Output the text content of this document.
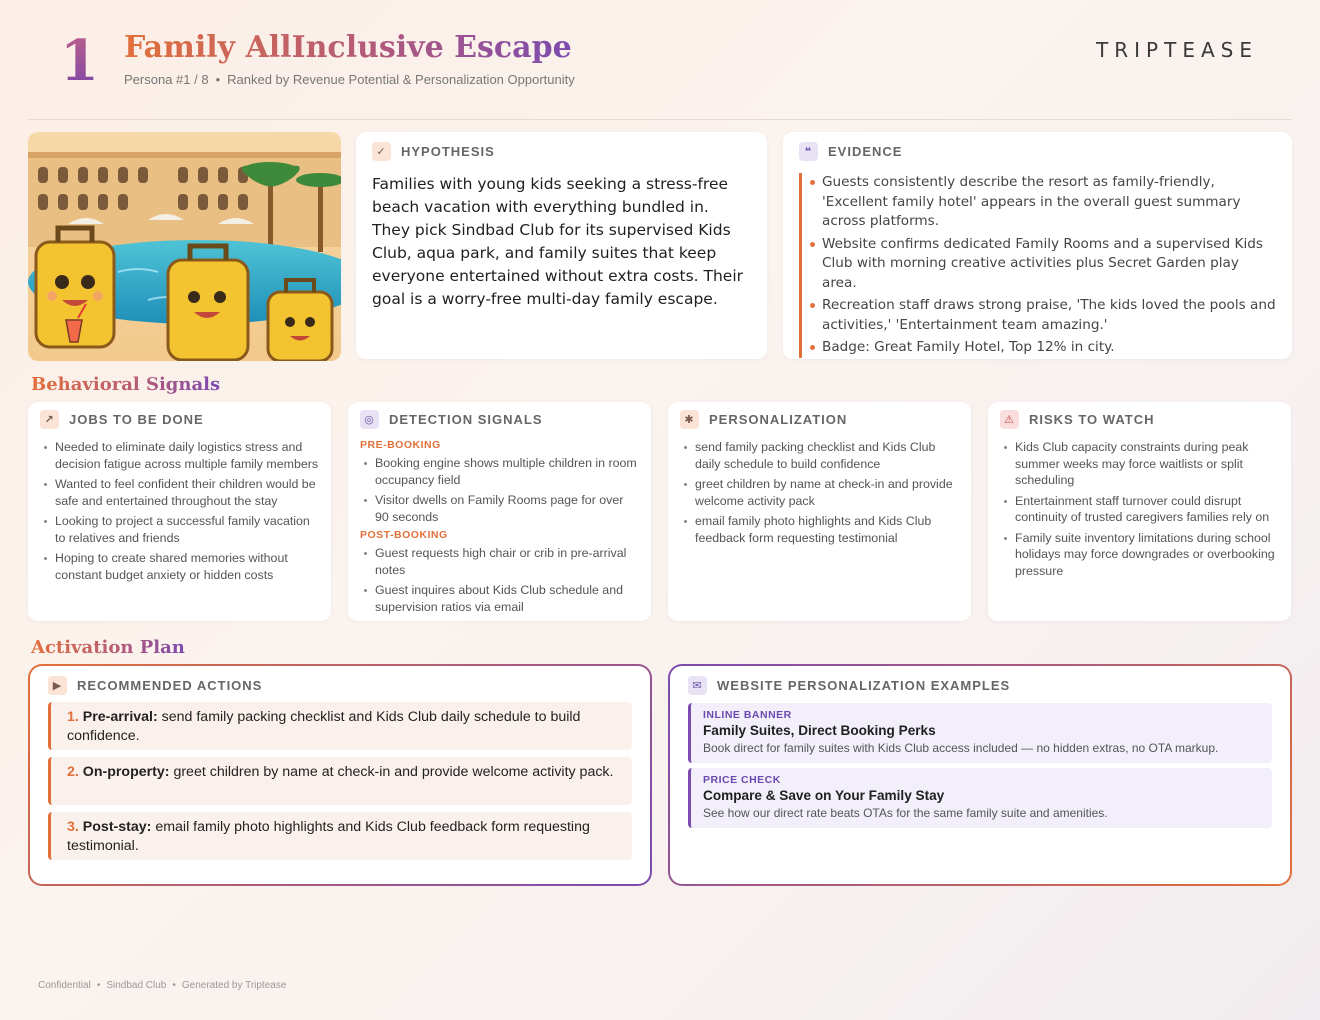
1 Family AllInclusive Escape
Persona #1 / 8 • Ranked by Revenue Potential & Personalization Opportunity
TRIPTEASE
✓	HYPOTHESIS
Families with young kids seeking a stress-free beach vacation with everything bundled in. They pick Sindbad Club for its supervised Kids Club, aqua park, and family suites that keep everyone entertained without extra costs. Their goal is a worry-free multi-day family escape.
❝	EVIDENCE
Guests consistently describe the resort as family-friendly, 'Excellent family hotel' appears in the overall guest summary across platforms.
Website confirms dedicated Family Rooms and a supervised Kids Club with morning creative activities plus Secret Garden play area.
Recreation staff draws strong praise, 'The kids loved the pools and activities,' 'Entertainment team amazing.'
Badge: Great Family Hotel, Top 12% in city.
Behavioral Signals
↗	JOBS TO BE DONE
Needed to eliminate daily logistics stress and decision fatigue across multiple family members
Wanted to feel confident their children would be safe and entertained throughout the stay
Looking to project a successful family vacation to relatives and friends
Hoping to create shared memories without constant budget anxiety or hidden costs
◎	DETECTION SIGNALS
PRE-BOOKING
Booking engine shows multiple children in room occupancy field
Visitor dwells on Family Rooms page for over 90 seconds
POST-BOOKING
Guest requests high chair or crib in pre-arrival notes
Guest inquires about Kids Club schedule and supervision ratios via email
✱	PERSONALIZATION
send family packing checklist and Kids Club daily schedule to build confidence
greet children by name at check-in and provide welcome activity pack
email family photo highlights and Kids Club feedback form requesting testimonial
⚠	RISKS TO WATCH
Kids Club capacity constraints during peak summer weeks may force waitlists or split scheduling
Entertainment staff turnover could disrupt continuity of trusted caregivers families rely on
Family suite inventory limitations during school holidays may force downgrades or overbooking pressure
Activation Plan
▶	RECOMMENDED ACTIONS
1. Pre-arrival: send family packing checklist and Kids Club daily schedule to build confidence.
2. On-property: greet children by name at check-in and provide welcome activity pack.
3. Post-stay: email family photo highlights and Kids Club feedback form requesting testimonial.
✉	WEBSITE PERSONALIZATION EXAMPLES
INLINE BANNER
Family Suites, Direct Booking Perks
Book direct for family suites with Kids Club access included — no hidden extras, no OTA markup.
PRICE CHECK
Compare & Save on Your Family Stay
See how our direct rate beats OTAs for the same family suite and amenities.
Confidential • Sindbad Club • Generated by Triptease
